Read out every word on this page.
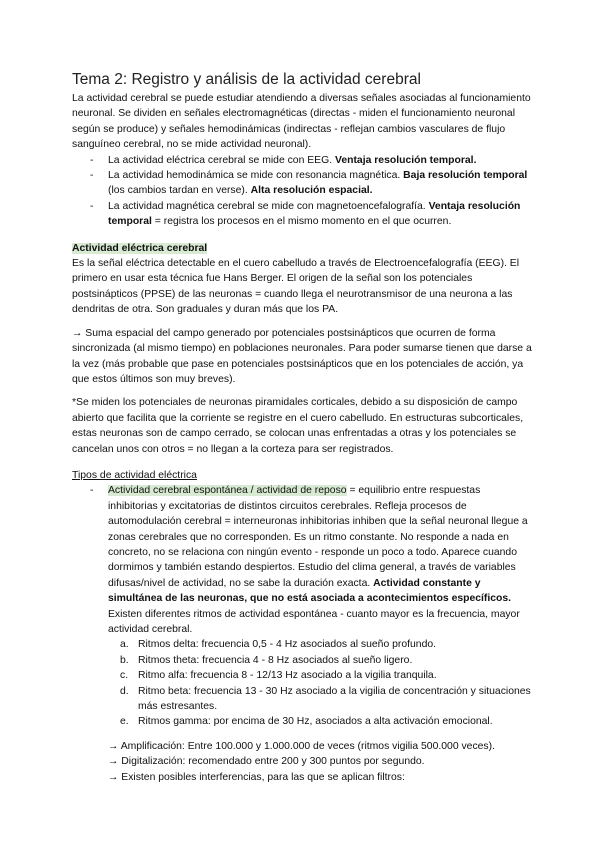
Tema 2: Registro y análisis de la actividad cerebral

La actividad cerebral se puede estudiar atendiendo a diversas señales asociadas al funcionamiento neuronal. Se dividen en señales electromagnéticas (directas - miden el funcionamiento neuronal según se produce) y señales hemodinámicas (indirectas - reflejan cambios vasculares de flujo sanguíneo cerebral, no se mide actividad neuronal).

- La actividad eléctrica cerebral se mide con EEG. Ventaja resolución temporal.
- La actividad hemodinámica se mide con resonancia magnética. Baja resolución temporal (los cambios tardan en verse). Alta resolución espacial.
- La actividad magnética cerebral se mide con magnetoencefalografía. Ventaja resolución temporal = registra los procesos en el mismo momento en el que ocurren.
Actividad eléctrica cerebral

Es la señal eléctrica detectable en el cuero cabelludo a través de Electroencefalografía (EEG). El primero en usar esta técnica fue Hans Berger. El origen de la señal son los potenciales postsinápticos (PPSE) de las neuronas = cuando llega el neurotransmisor de una neurona a las dendritas de otra. Son graduales y duran más que los PA.

→ Suma espacial del campo generado por potenciales postsinápticos que ocurren de forma sincronizada (al mismo tiempo) en poblaciones neuronales. Para poder sumarse tienen que darse a la vez (más probable que pase en potenciales postsinápticos que en los potenciales de acción, ya que estos últimos son muy breves).

*Se miden los potenciales de neuronas piramidales corticales, debido a su disposición de campo abierto que facilita que la corriente se registre en el cuero cabelludo. En estructuras subcorticales, estas neuronas son de campo cerrado, se colocan unas enfrentadas a otras y los potenciales se cancelan unos con otros = no llegan a la corteza para ser registrados.

Tipos de actividad eléctrica
- Actividad cerebral espontánea / actividad de reposo = equilibrio entre respuestas inhibitorias y excitatorias de distintos circuitos cerebrales. Refleja procesos de automodulación cerebral = interneuronas inhibitorias inhiben que la señal neuronal llegue a zonas cerebrales que no corresponden. Es un ritmo constante. No responde a nada en concreto, no se relaciona con ningún evento - responde un poco a todo. Aparece cuando dormimos y también estando despiertos. Estudio del clima general, a través de variables difusas/nivel de actividad, no se sabe la duración exacta. Actividad constante y simultánea de las neuronas, que no está asociada a acontecimientos específicos. Existen diferentes ritmos de actividad espontánea - cuanto mayor es la frecuencia, mayor actividad cerebral.
a. Ritmos delta: frecuencia 0,5 - 4 Hz asociados al sueño profundo.
b. Ritmos theta: frecuencia 4 - 8 Hz asociados al sueño ligero.
c. Ritmo alfa: frecuencia 8 - 12/13 Hz asociado a la vigilia tranquila.
d. Ritmo beta: frecuencia 13 - 30 Hz asociado a la vigilia de concentración y situaciones más estresantes.
e. Ritmos gamma: por encima de 30 Hz, asociados a alta activación emocional.

→ Amplificación: Entre 100.000 y 1.000.000 de veces (ritmos vigilia 500.000 veces).

→ Digitalización: recomendado entre 200 y 300 puntos por segundo.

→ Existen posibles interferencias, para las que se aplican filtros:
